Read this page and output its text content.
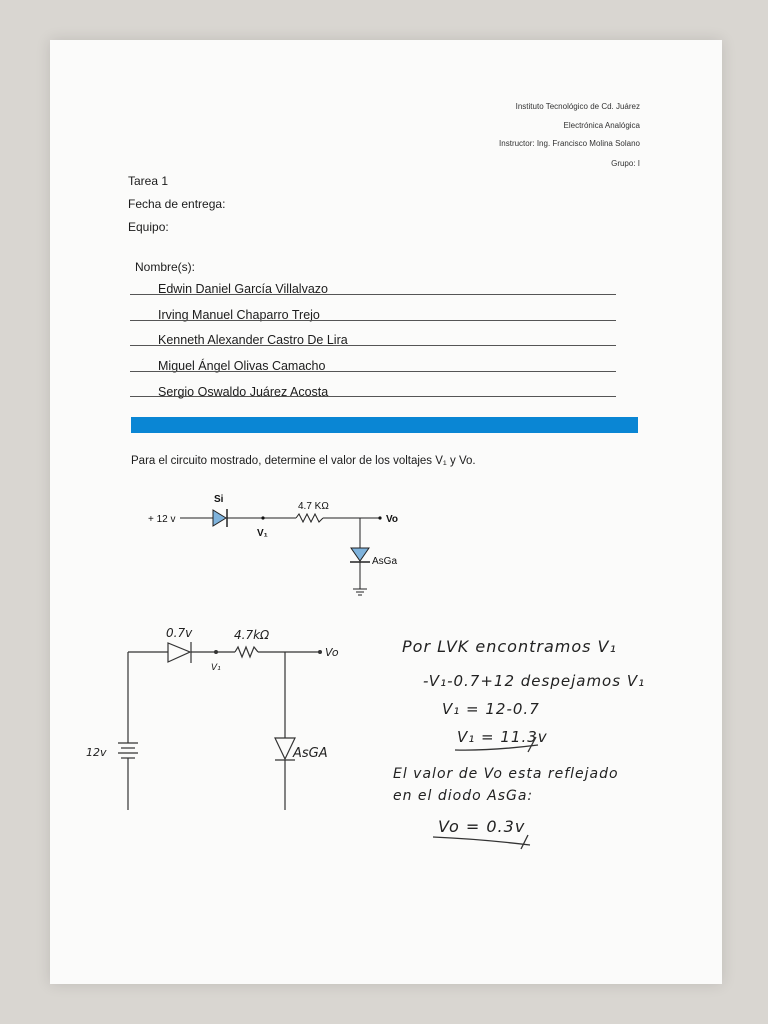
Instituto Tecnológico de Cd. Juárez
Electrónica Analógica
Instructor: Ing. Francisco Molina Solano
Grupo: I
Tarea 1
Fecha de entrega:
Equipo:
Nombre(s):
Edwin Daniel García Villalvazo
Irving Manuel Chaparro Trejo
Kenneth Alexander Castro De Lira
Miguel Ángel Olivas Camacho
Sergio Oswaldo Juárez Acosta
Para el circuito mostrado, determine el valor de los voltajes V₁ y Vo.
+ 12 v
Si
V₁
4.7 KΩ
Vo
AsGa
0.7v	4.7kΩ
V₁
Vo
AsGA
12v
Por LVK encontramos V₁
-V₁-0.7+12 despejamos V₁
V₁ = 12-0.7
V₁ = 11.3v
El valor de Vo esta reflejado
en el diodo AsGa:
Vo = 0.3v
